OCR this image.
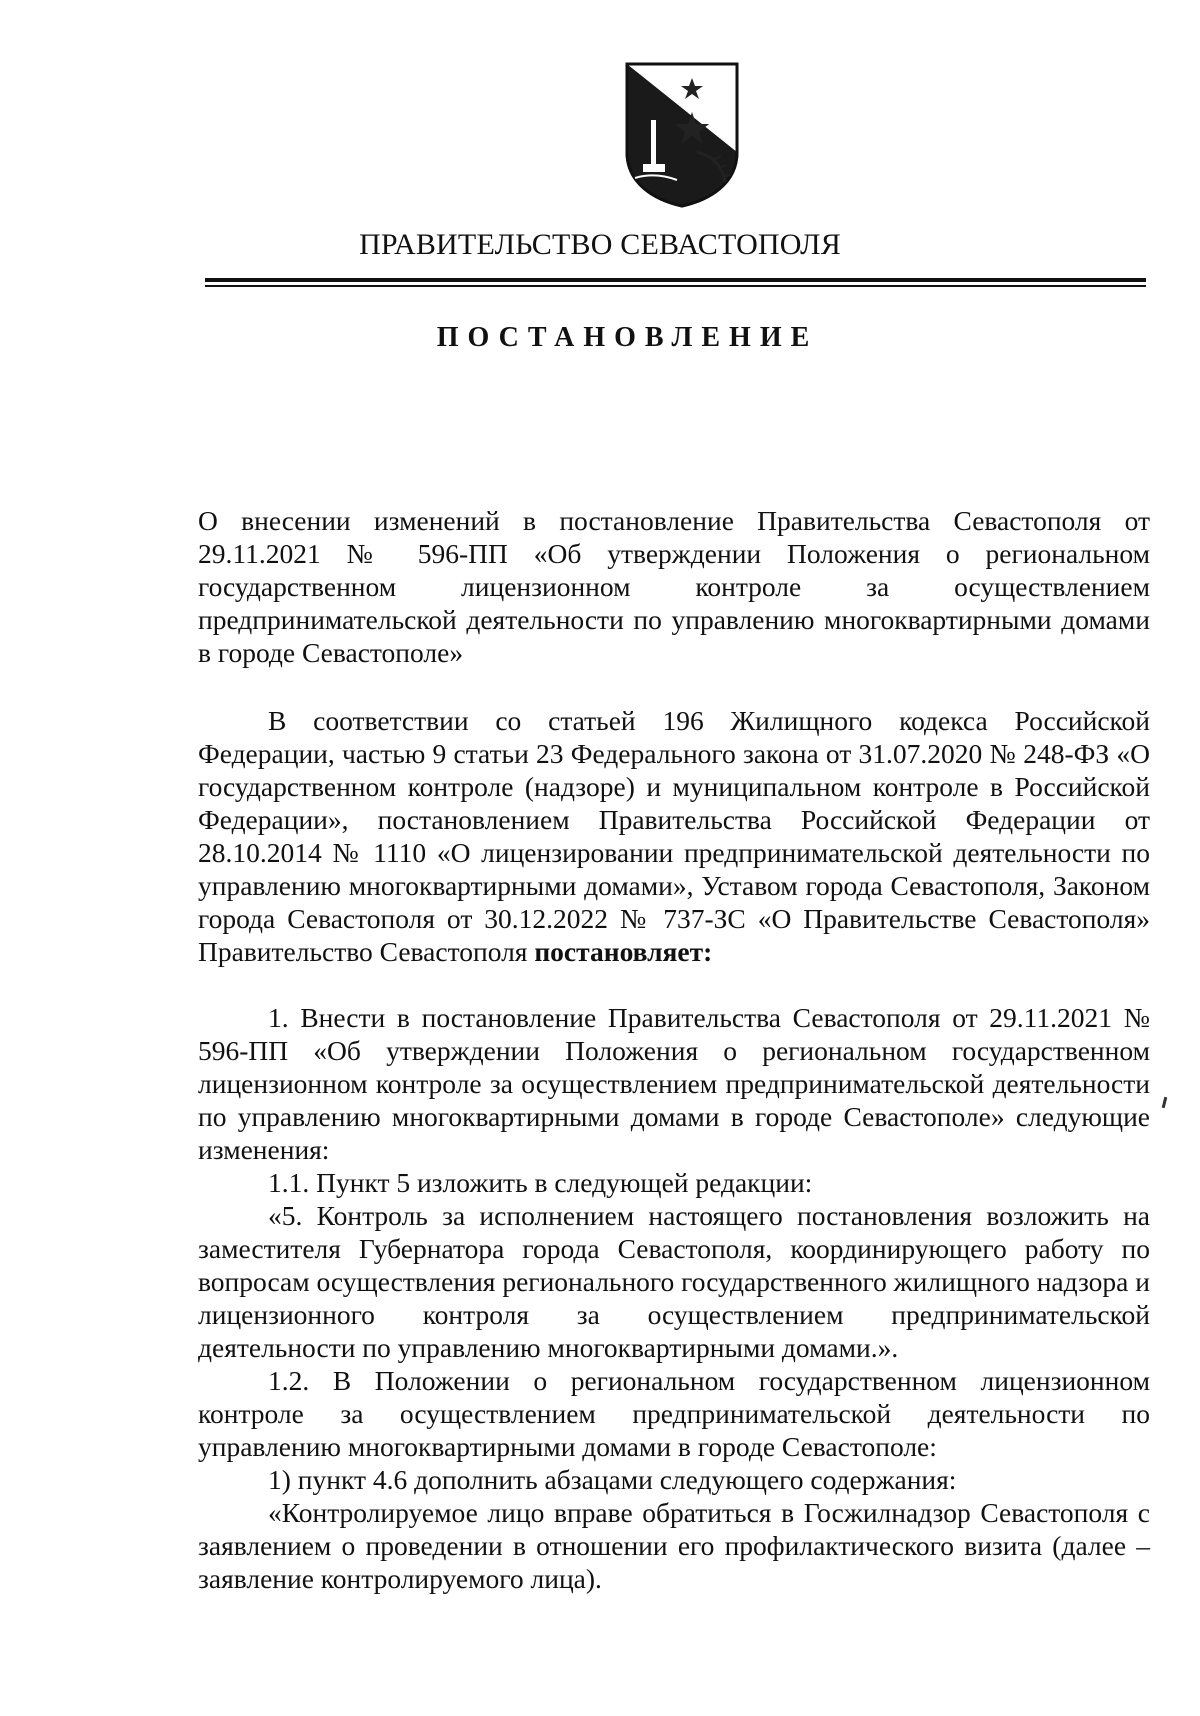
ПРАВИТЕЛЬСТВО СЕВАСТОПОЛЯ
ПОСТАНОВЛЕНИЕ

О внесении изменений в постановление Правительства Севастополя от 29.11.2021 № 596-ПП «Об утверждении Положения о региональном государственном лицензионном контроле за осуществлением предпринимательской деятельности по управлению многоквартирными домами в городе Севастополе»

В соответствии со статьей 196 Жилищного кодекса Российской Федерации, частью 9 статьи 23 Федерального закона от 31.07.2020 № 248-ФЗ «О государственном контроле (надзоре) и муниципальном контроле в Российской Федерации», постановлением Правительства Российской Федерации от 28.10.2014 № 1110 «О лицензировании предпринимательской деятельности по управлению многоквартирными домами», Уставом города Севастополя, Законом города Севастополя от 30.12.2022 № 737-ЗС «О Правительстве Севастополя» Правительство Севастополя постановляет:

1. Внести в постановление Правительства Севастополя от 29.11.2021 № 596-ПП «Об утверждении Положения о региональном государственном лицензионном контроле за осуществлением предпринимательской деятельности по управлению многоквартирными домами в городе Севастополе» следующие изменения:

1.1. Пункт 5 изложить в следующей редакции:

«5. Контроль за исполнением настоящего постановления возложить на заместителя Губернатора города Севастополя, координирующего работу по вопросам осуществления регионального государственного жилищного надзора и лицензионного контроля за осуществлением предпринимательской деятельности по управлению многоквартирными домами.».

1.2. В Положении о региональном государственном лицензионном контроле за осуществлением предпринимательской деятельности по управлению многоквартирными домами в городе Севастополе:

1) пункт 4.6 дополнить абзацами следующего содержания:

«Контролируемое лицо вправе обратиться в Госжилнадзор Севастополя с заявлением о проведении в отношении его профилактического визита (далее – заявление контролируемого лица).
